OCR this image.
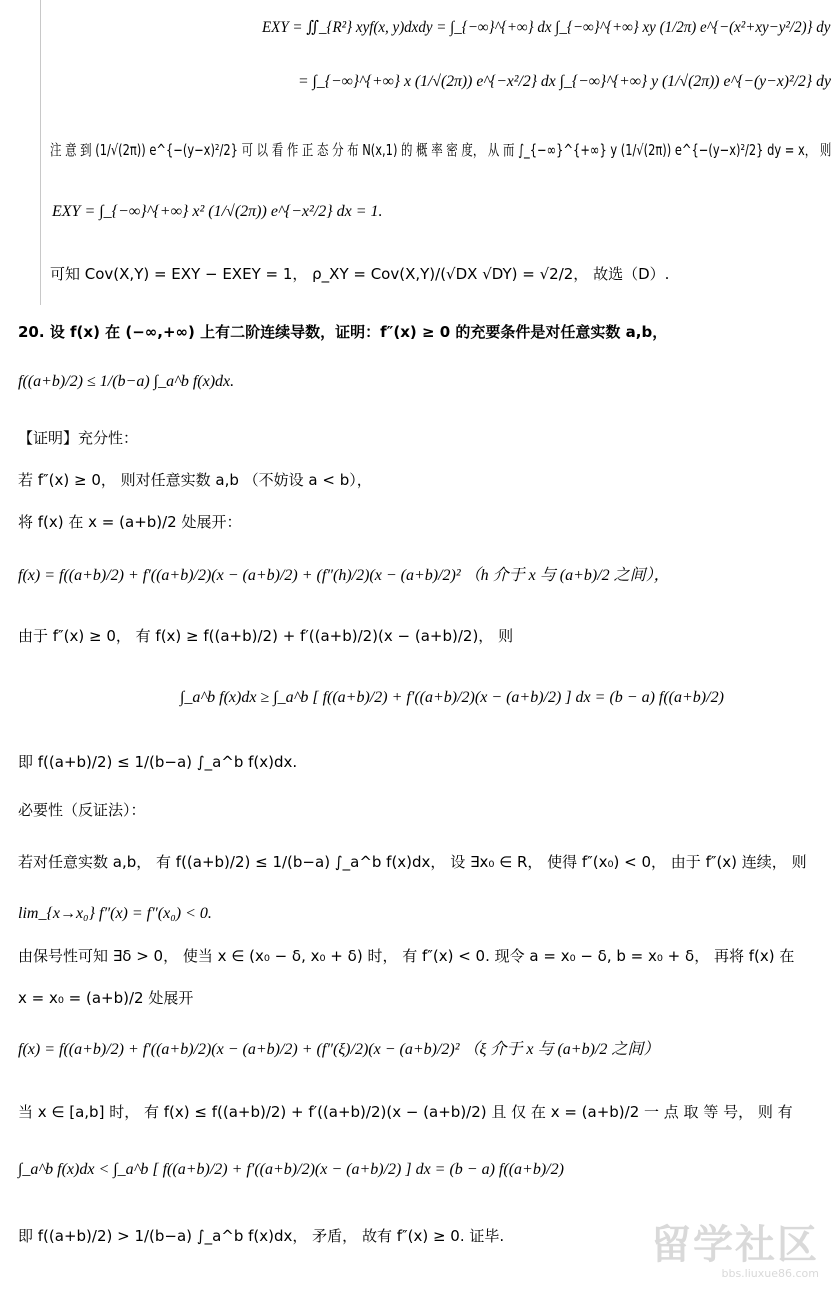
EXY = ∬_{R²} xyf(x, y)dxdy = ∫_{−∞}^{+∞} dx ∫_{−∞}^{+∞} xy (1/2π) e^{−(x²+xy−y²/2)} dy
= ∫_{−∞}^{+∞} x (1/√(2π)) e^{−x²/2} dx ∫_{−∞}^{+∞} y (1/√(2π)) e^{−(y−x)²/2} dy
注 意 到 (1/√(2π)) e^{−(y−x)²/2} 可 以 看 作 正 态 分 布 N(x,1) 的 概 率 密 度， 从 而 ∫_{−∞}^{+∞} y (1/√(2π)) e^{−(y−x)²/2} dy = x， 则
EXY = ∫_{−∞}^{+∞} x² (1/√(2π)) e^{−x²/2} dx = 1.
可知 Cov(X,Y) = EXY − EXEY = 1， ρ_XY = Cov(X,Y)/(√DX √DY) = √2/2， 故选（D）.
20. 设 f(x) 在 (−∞,+∞) 上有二阶连续导数，证明：f″(x) ≥ 0 的充要条件是对任意实数 a,b，
f((a+b)/2) ≤ 1/(b−a) ∫_a^b f(x)dx.
【证明】充分性：
若 f″(x) ≥ 0， 则对任意实数 a,b （不妨设 a < b），
将 f(x) 在 x = (a+b)/2 处展开：
f(x) = f((a+b)/2) + f′((a+b)/2)(x − (a+b)/2) + (f″(h)/2)(x − (a+b)/2)² （h 介于 x 与 (a+b)/2 之间），
由于 f″(x) ≥ 0， 有 f(x) ≥ f((a+b)/2) + f′((a+b)/2)(x − (a+b)/2)， 则
∫_a^b f(x)dx ≥ ∫_a^b [ f((a+b)/2) + f′((a+b)/2)(x − (a+b)/2) ] dx = (b − a) f((a+b)/2)
即 f((a+b)/2) ≤ 1/(b−a) ∫_a^b f(x)dx.
必要性（反证法）：
若对任意实数 a,b， 有 f((a+b)/2) ≤ 1/(b−a) ∫_a^b f(x)dx， 设 ∃x₀ ∈ R， 使得 f″(x₀) < 0， 由于 f″(x) 连续， 则
lim_{x→x₀} f″(x) = f″(x₀) < 0.
由保号性可知 ∃δ > 0， 使当 x ∈ (x₀ − δ, x₀ + δ) 时， 有 f″(x) < 0. 现令 a = x₀ − δ, b = x₀ + δ， 再将 f(x) 在
x = x₀ = (a+b)/2 处展开
f(x) = f((a+b)/2) + f′((a+b)/2)(x − (a+b)/2) + (f″(ξ)/2)(x − (a+b)/2)² （ξ 介于 x 与 (a+b)/2 之间）
当 x ∈ [a,b] 时， 有 f(x) ≤ f((a+b)/2) + f′((a+b)/2)(x − (a+b)/2) 且 仅 在 x = (a+b)/2 一 点 取 等 号， 则 有
∫_a^b f(x)dx < ∫_a^b [ f((a+b)/2) + f′((a+b)/2)(x − (a+b)/2) ] dx = (b − a) f((a+b)/2)
即 f((a+b)/2) > 1/(b−a) ∫_a^b f(x)dx， 矛盾， 故有 f″(x) ≥ 0. 证毕.	留学社区
bbs.liuxue86.com
